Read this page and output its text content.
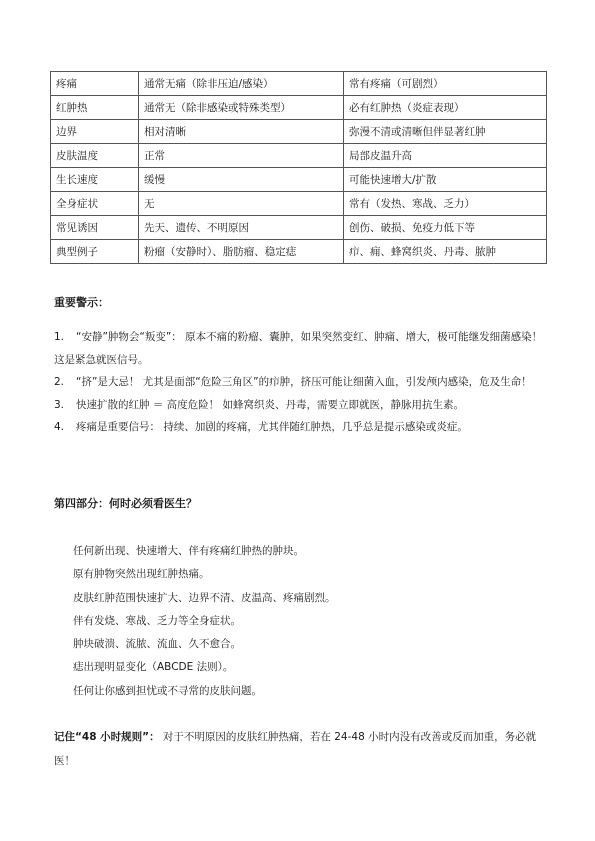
疼痛	通常无痛（除非压迫/感染）	常有疼痛（可剧烈）
红肿热	通常无（除非感染或特殊类型）	必有红肿热（炎症表现）
边界	相对清晰	弥漫不清或清晰但伴显著红肿
皮肤温度	正常	局部皮温升高
生长速度	缓慢	可能快速增大/扩散
全身症状	无	常有（发热、寒战、乏力）
常见诱因	先天、遗传、不明原因	创伤、破损、免疫力低下等
典型例子	粉瘤（安静时）、脂肪瘤、稳定痣	疖、痈、蜂窝织炎、丹毒、脓肿
重要警示：
1. “安静”肿物会“叛变”： 原本不痛的粉瘤、囊肿，如果突然变红、肿痛、增大，极可能继发细菌感染！ 这是紧急就医信号。
2. “挤”是大忌！ 尤其是面部“危险三角区”的疖肿，挤压可能让细菌入血，引发颅内感染，危及生命！
3. 快速扩散的红肿 ＝ 高度危险！ 如蜂窝织炎、丹毒，需要立即就医，静脉用抗生素。
4. 疼痛是重要信号： 持续、加剧的疼痛，尤其伴随红肿热，几乎总是提示感染或炎症。
第四部分：何时必须看医生？
任何新出现、快速增大、伴有疼痛红肿热的肿块。
原有肿物突然出现红肿热痛。
皮肤红肿范围快速扩大、边界不清、皮温高、疼痛剧烈。
伴有发烧、寒战、乏力等全身症状。
肿块破溃、流脓、流血、久不愈合。
痣出现明显变化（ABCDE 法则）。
任何让你感到担忧或不寻常的皮肤问题。
记住“48 小时规则”： 对于不明原因的皮肤红肿热痛，若在 24-48 小时内没有改善或反而加重，务必就医！
